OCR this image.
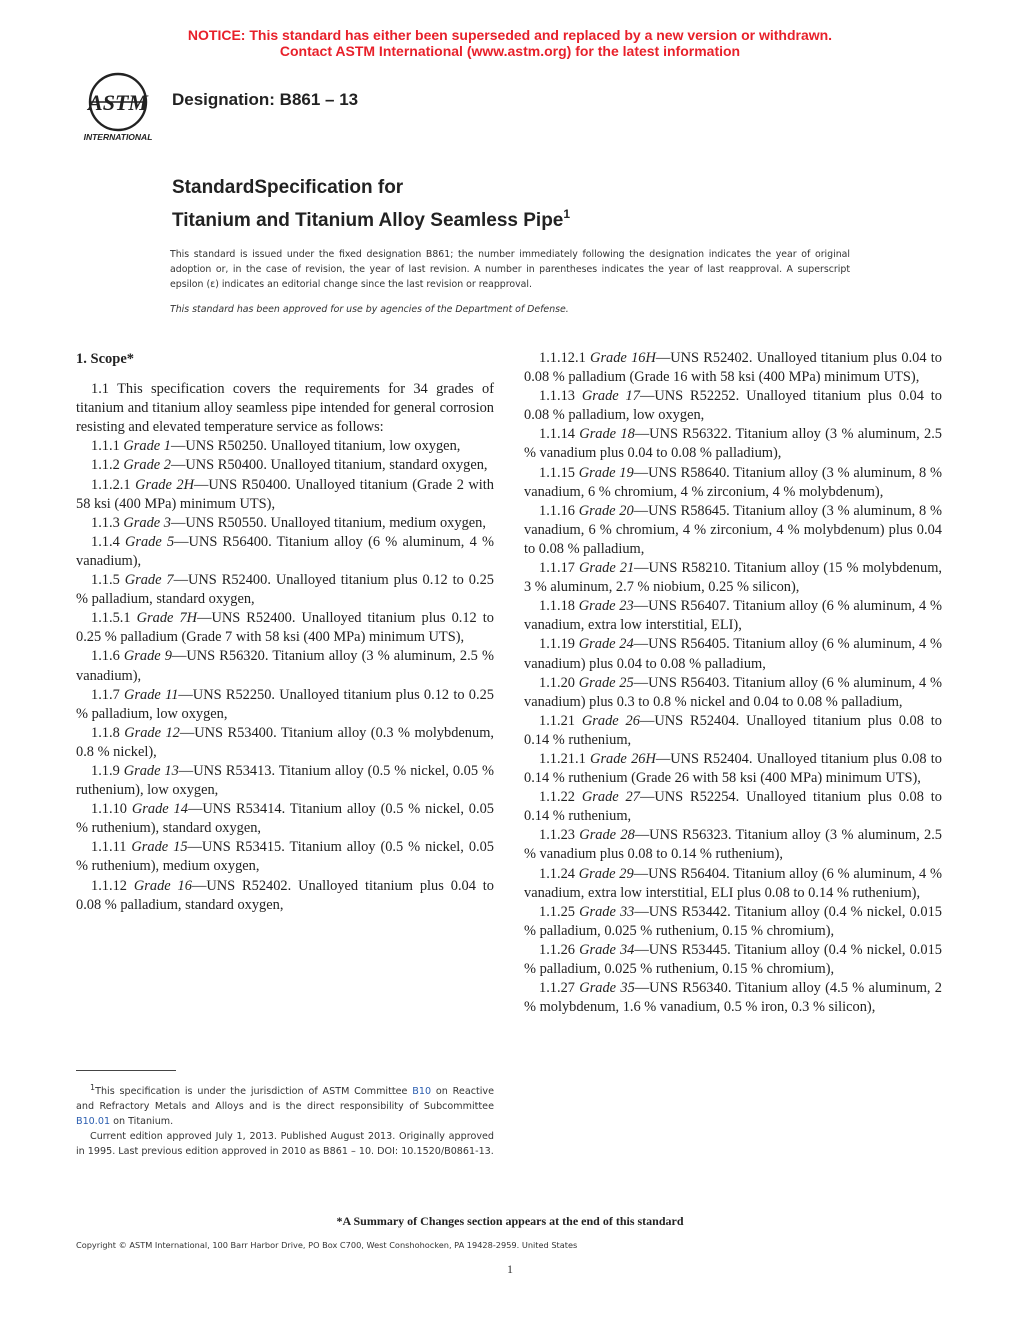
NOTICE: This standard has either been superseded and replaced by a new version or withdrawn.
Contact ASTM International (www.astm.org) for the latest information
ASTM
INTERNATIONAL
Designation: B861 – 13
StandardSpecification for
Titanium and Titanium Alloy Seamless Pipe$^1$
This standard is issued under the fixed designation B861; the number immediately following the designation indicates the year of original adoption or, in the case of revision, the year of last revision. A number in parentheses indicates the year of last reapproval. A superscript epsilon (ε) indicates an editorial change since the last revision or reapproval.
This standard has been approved for use by agencies of the Department of Defense.
1. Scope*

1.1 This specification covers the requirements for 34 grades of titanium and titanium alloy seamless pipe intended for general corrosion resisting and elevated temperature service as follows:

1.1.1 Grade 1—UNS R50250. Unalloyed titanium, low oxygen,

1.1.2 Grade 2—UNS R50400. Unalloyed titanium, standard oxygen,

1.1.2.1 Grade 2H—UNS R50400. Unalloyed titanium (Grade 2 with 58 ksi (400 MPa) minimum UTS),

1.1.3 Grade 3—UNS R50550. Unalloyed titanium, medium oxygen,

1.1.4 Grade 5—UNS R56400. Titanium alloy (6 % aluminum, 4 % vanadium),

1.1.5 Grade 7—UNS R52400. Unalloyed titanium plus 0.12 to 0.25 % palladium, standard oxygen,

1.1.5.1 Grade 7H—UNS R52400. Unalloyed titanium plus 0.12 to 0.25 % palladium (Grade 7 with 58 ksi (400 MPa) minimum UTS),

1.1.6 Grade 9—UNS R56320. Titanium alloy (3 % aluminum, 2.5 % vanadium),

1.1.7 Grade 11—UNS R52250. Unalloyed titanium plus 0.12 to 0.25 % palladium, low oxygen,

1.1.8 Grade 12—UNS R53400. Titanium alloy (0.3 % molybdenum, 0.8 % nickel),

1.1.9 Grade 13—UNS R53413. Titanium alloy (0.5 % nickel, 0.05 % ruthenium), low oxygen,

1.1.10 Grade 14—UNS R53414. Titanium alloy (0.5 % nickel, 0.05 % ruthenium), standard oxygen,

1.1.11 Grade 15—UNS R53415. Titanium alloy (0.5 % nickel, 0.05 % ruthenium), medium oxygen,

1.1.12 Grade 16—UNS R52402. Unalloyed titanium plus 0.04 to 0.08 % palladium, standard oxygen,

1.1.12.1 Grade 16H—UNS R52402. Unalloyed titanium plus 0.04 to 0.08 % palladium (Grade 16 with 58 ksi (400 MPa) minimum UTS),

1.1.13 Grade 17—UNS R52252. Unalloyed titanium plus 0.04 to 0.08 % palladium, low oxygen,

1.1.14 Grade 18—UNS R56322. Titanium alloy (3 % aluminum, 2.5 % vanadium plus 0.04 to 0.08 % palladium),

1.1.15 Grade 19—UNS R58640. Titanium alloy (3 % aluminum, 8 % vanadium, 6 % chromium, 4 % zirconium, 4 % molybdenum),

1.1.16 Grade 20—UNS R58645. Titanium alloy (3 % aluminum, 8 % vanadium, 6 % chromium, 4 % zirconium, 4 % molybdenum) plus 0.04 to 0.08 % palladium,

1.1.17 Grade 21—UNS R58210. Titanium alloy (15 % molybdenum, 3 % aluminum, 2.7 % niobium, 0.25 % silicon),

1.1.18 Grade 23—UNS R56407. Titanium alloy (6 % aluminum, 4 % vanadium, extra low interstitial, ELI),

1.1.19 Grade 24—UNS R56405. Titanium alloy (6 % aluminum, 4 % vanadium) plus 0.04 to 0.08 % palladium,

1.1.20 Grade 25—UNS R56403. Titanium alloy (6 % aluminum, 4 % vanadium) plus 0.3 to 0.8 % nickel and 0.04 to 0.08 % palladium,

1.1.21 Grade 26—UNS R52404. Unalloyed titanium plus 0.08 to 0.14 % ruthenium,

1.1.21.1 Grade 26H—UNS R52404. Unalloyed titanium plus 0.08 to 0.14 % ruthenium (Grade 26 with 58 ksi (400 MPa) minimum UTS),

1.1.22 Grade 27—UNS R52254. Unalloyed titanium plus 0.08 to 0.14 % ruthenium,

1.1.23 Grade 28—UNS R56323. Titanium alloy (3 % aluminum, 2.5 % vanadium plus 0.08 to 0.14 % ruthenium),

1.1.24 Grade 29—UNS R56404. Titanium alloy (6 % aluminum, 4 % vanadium, extra low interstitial, ELI plus 0.08 to 0.14 % ruthenium),

1.1.25 Grade 33—UNS R53442. Titanium alloy (0.4 % nickel, 0.015 % palladium, 0.025 % ruthenium, 0.15 % chromium),

1.1.26 Grade 34—UNS R53445. Titanium alloy (0.4 % nickel, 0.015 % palladium, 0.025 % ruthenium, 0.15 % chromium),

1.1.27 Grade 35—UNS R56340. Titanium alloy (4.5 % aluminum, 2 % molybdenum, 1.6 % vanadium, 0.5 % iron, 0.3 % silicon),

$^1$This specification is under the jurisdiction of ASTM Committee B10 on Reactive and Refractory Metals and Alloys and is the direct responsibility of Subcommittee B10.01 on Titanium.

Current edition approved July 1, 2013. Published August 2013. Originally approved in 1995. Last previous edition approved in 2010 as B861 – 10. DOI: 10.1520/B0861-13.

*A Summary of Changes section appears at the end of this standard
Copyright © ASTM International, 100 Barr Harbor Drive, PO Box C700, West Conshohocken, PA 19428-2959. United States
1
